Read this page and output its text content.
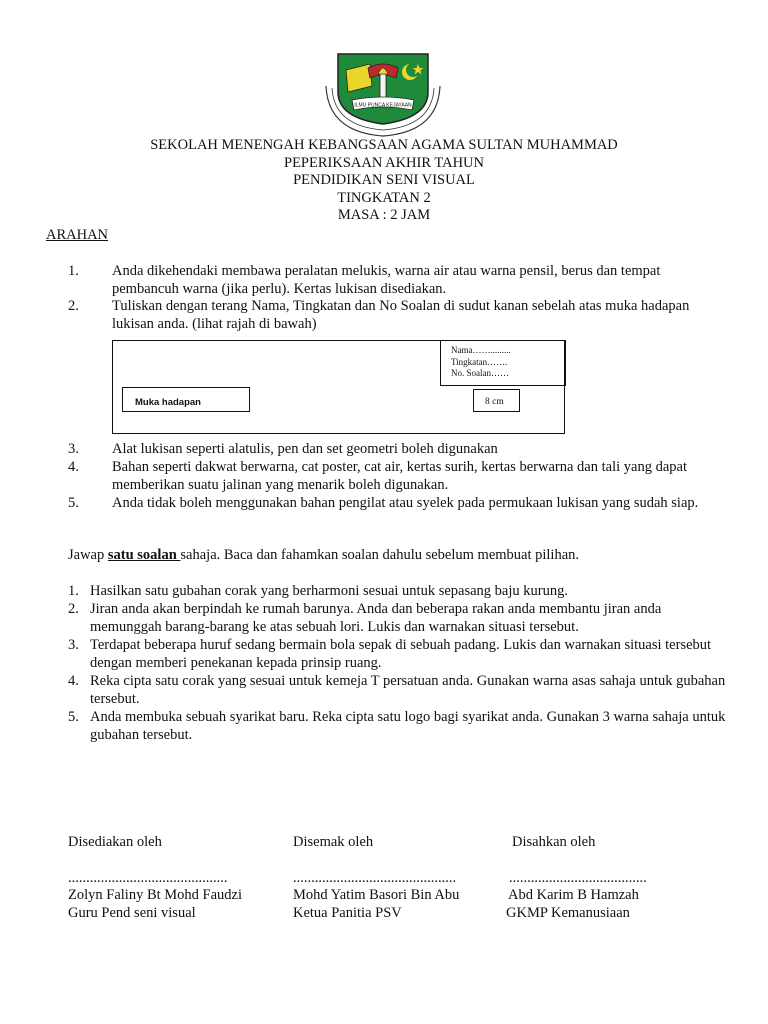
ILMU PUNCA KEJAYAAN
SEKOLAH MENENGAH KEBANGSAAN AGAMA SULTAN MUHAMMAD
PEPERIKSAAN AKHIR TAHUN
PENDIDIKAN SENI VISUAL
TINGKATAN 2
MASA : 2 JAM
ARAHAN
1. Anda dikehendaki membawa peralatan melukis, warna air atau warna pensil, berus dan tempat pembancuh warna (jika perlu). Kertas lukisan disediakan.
2. Tuliskan dengan terang Nama, Tingkatan dan No Soalan di sudut kanan sebelah atas muka hadapan lukisan anda. (lihat rajah di bawah)
Nama…….........
Tingkatan…….
No. Soalan……
Muka hadapan	8 cm
3. Alat lukisan seperti alatulis, pen dan set geometri boleh digunakan
4. Bahan seperti dakwat berwarna, cat poster, cat air, kertas surih, kertas berwarna dan tali yang dapat memberikan suatu jalinan yang menarik boleh digunakan.
5. Anda tidak boleh menggunakan bahan pengilat atau syelek pada permukaan lukisan yang sudah siap.
Jawap satu soalan sahaja. Baca dan fahamkan soalan dahulu sebelum membuat pilihan.
1. Hasilkan satu gubahan corak yang berharmoni sesuai untuk sepasang baju kurung.
2. Jiran anda akan berpindah ke rumah barunya. Anda dan beberapa rakan anda membantu jiran anda memunggah barang-barang ke atas sebuah lori. Lukis dan warnakan situasi tersebut.
3. Terdapat beberapa huruf sedang bermain bola sepak di sebuah padang. Lukis dan warnakan situasi tersebut dengan memberi penekanan kepada prinsip ruang.
4. Reka cipta satu corak yang sesuai untuk kemeja T persatuan anda. Gunakan warna asas sahaja untuk gubahan tersebut.
5. Anda membuka sebuah syarikat baru. Reka cipta satu logo bagi syarikat anda. Gunakan 3 warna sahaja untuk gubahan tersebut.
Disediakan oleh
............................................
Zolyn Faliny Bt Mohd Faudzi
Guru Pend seni visual
Disemak oleh
.............................................
Mohd Yatim Basori Bin Abu
Ketua Panitia PSV
Disahkan oleh
......................................
Abd Karim B Hamzah
GKMP Kemanusiaan
